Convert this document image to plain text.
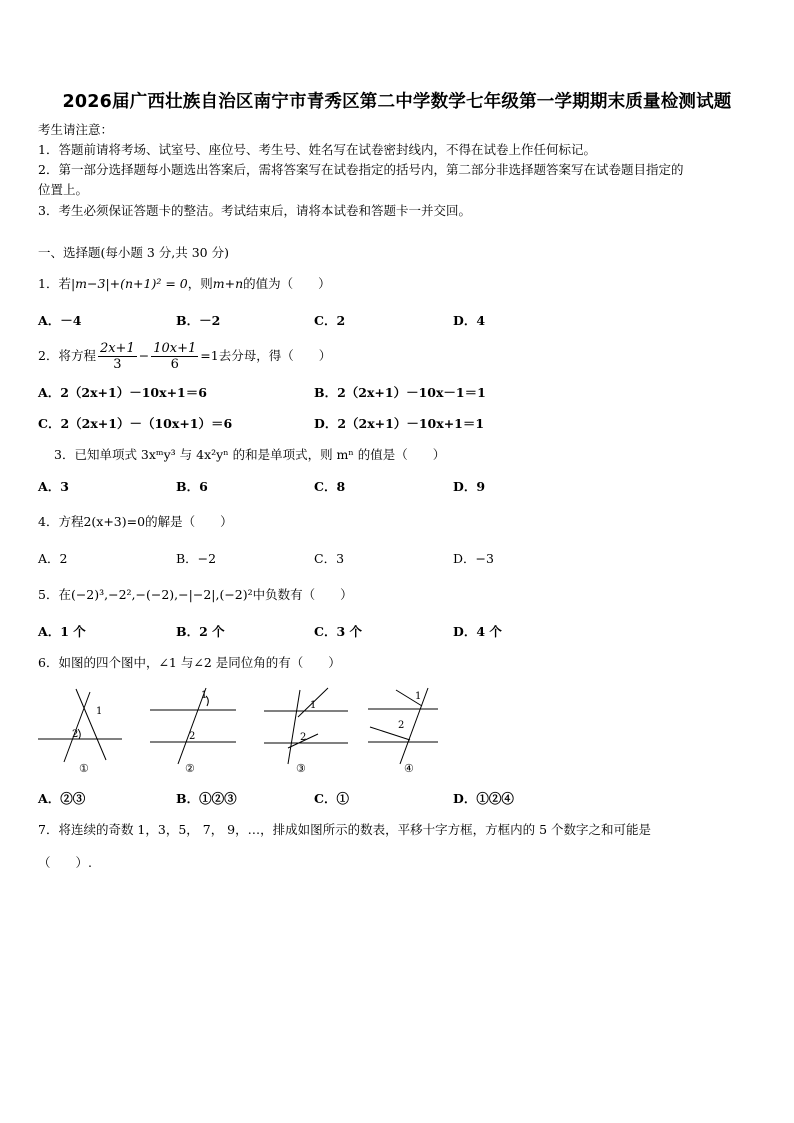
2026届广西壮族自治区南宁市青秀区第二中学数学七年级第一学期期末质量检测试题
考生请注意：
1．答题前请将考场、试室号、座位号、考生号、姓名写在试卷密封线内，不得在试卷上作任何标记。
2．第一部分选择题每小题选出答案后，需将答案写在试卷指定的括号内，第二部分非选择题答案写在试卷题目指定的
位置上。
3．考生必须保证答题卡的整洁。考试结束后，请将本试卷和答题卡一并交回。
一、选择题(每小题 3 分,共 30 分)
1．若|m−3|+(n+1)² = 0，则m+n的值为（　　）
A．－4	B．－2	C．2	D．4
2．将方程 $\frac{2x+1}{3} - \frac{10x+1}{6} =1$去分母，得（　　）
A．2（2x+1）－10x+1＝6	B．2（2x+1）－10x－1＝1
C．2（2x+1）－（10x+1）＝6	D．2（2x+1）－10x+1＝1
3．已知单项式 3xᵐy³ 与 4x²yⁿ 的和是单项式，则 mⁿ 的值是（　　）
A．3	B．6	C．8	D．9
4．方程2(x+3)=0的解是（　　）
A．2	B．−2	C．3	D．−3
5．在(−2)³,−2²,−(−2),−|−2|,(−2)²中负数有（　　）
A．1 个	B．2 个	C．3 个	D．4 个
6．如图的四个图中，∠1 与∠2 是同位角的有（　　）
1
2
①
1
2
②
1
2
③
1
2
④
A．②③	B．①②③	C．①	D．①②④
7．将连续的奇数 1，3，5， 7， 9，…，排成如图所示的数表，平移十字方框，方框内的 5 个数字之和可能是
（　　）.
